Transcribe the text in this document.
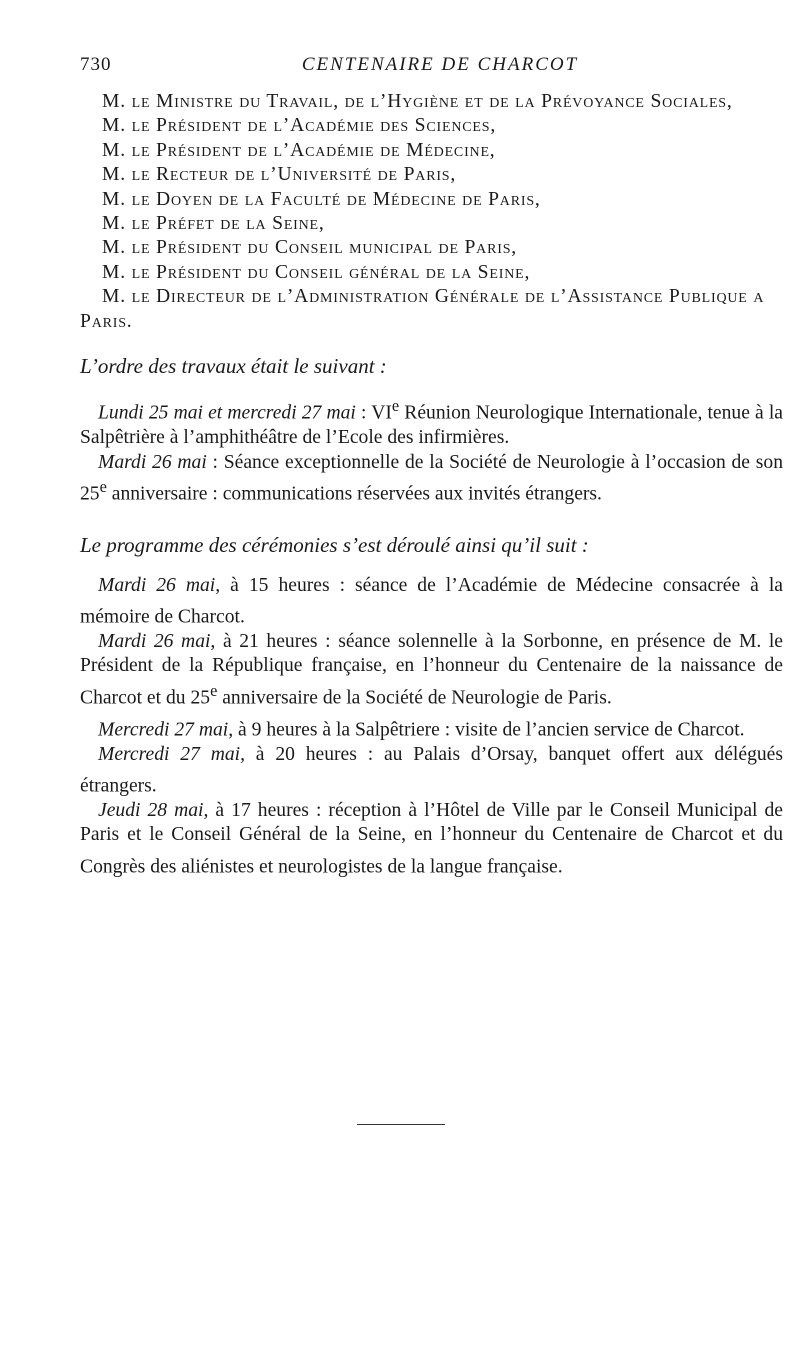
730	CENTENAIRE DE CHARCOT

M. le Ministre du Travail, de l’Hygiène et de la Prévoyance Sociales,

M. le Président de l’Académie des Sciences,

M. le Président de l’Académie de Médecine,

M. le Recteur de l’Université de Paris,

M. le Doyen de la Faculté de Médecine de Paris,

M. le Préfet de la Seine,

M. le Président du Conseil municipal de Paris,

M. le Président du Conseil général de la Seine,

M. le Directeur de l’Administration Générale de l’Assistance Publique a Paris.

L’ordre des travaux était le suivant :

Lundi 25 mai et mercredi 27 mai : VIe Réunion Neurologique Internationale, tenue à la Salpêtrière à l’amphithéâtre de l’Ecole des infirmières.

Mardi 26 mai : Séance exceptionnelle de la Société de Neurologie à l’occasion de son 25e anniversaire : communications réservées aux invités étrangers.

Le programme des cérémonies s’est déroulé ainsi qu’il suit :

Mardi 26 mai, à 15 heures : séance de l’Académie de Médecine consacrée à la mémoire de Charcot.

Mardi 26 mai, à 21 heures : séance solennelle à la Sorbonne, en présence de M. le Président de la République française, en l’honneur du Centenaire de la naissance de Charcot et du 25e anniversaire de la Société de Neurologie de Paris.

Mercredi 27 mai, à 9 heures à la Salpêtriere : visite de l’ancien service de Charcot.

Mercredi 27 mai, à 20 heures : au Palais d’Orsay, banquet offert aux délégués étrangers.

Jeudi 28 mai, à 17 heures : réception à l’Hôtel de Ville par le Conseil Municipal de Paris et le Conseil Général de la Seine, en l’honneur du Centenaire de Charcot et du Congrès des aliénistes et neurologistes de la langue française.
